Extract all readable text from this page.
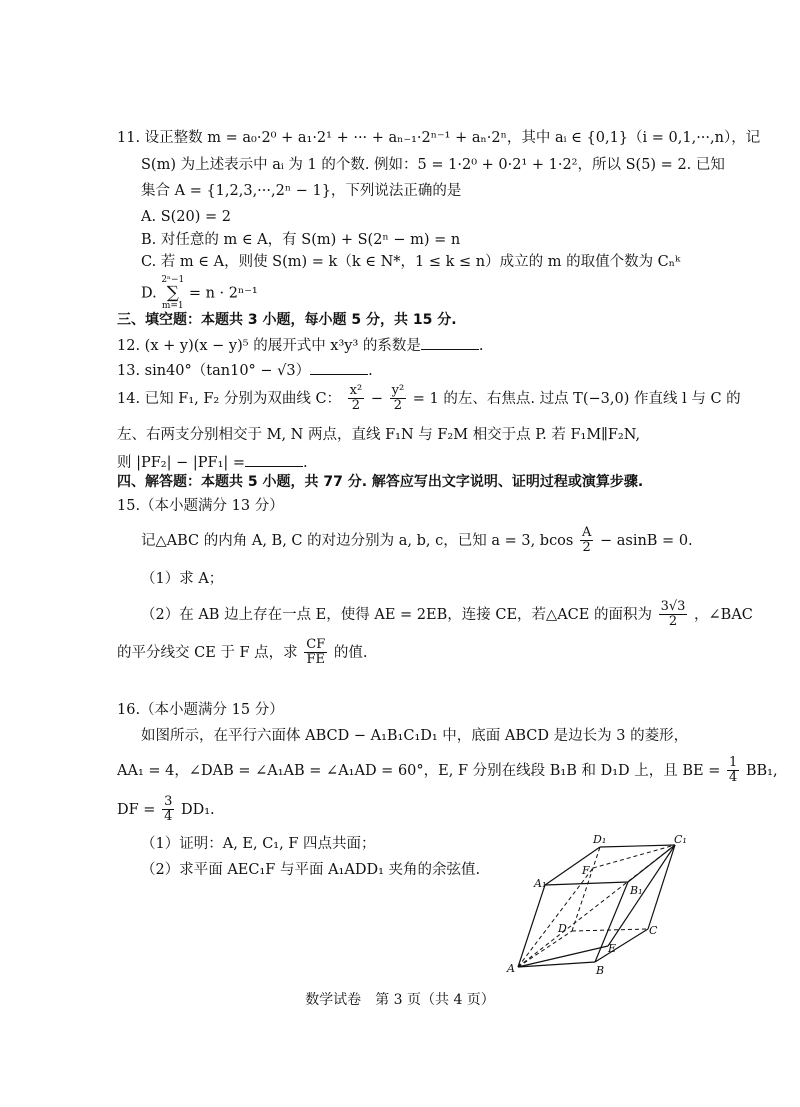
11. 设正整数 m = a₀·2⁰ + a₁·2¹ + ··· + aₙ₋₁·2ⁿ⁻¹ + aₙ·2ⁿ，其中 aᵢ ∈ {0,1}（i = 0,1,···,n），记
S(m) 为上述表示中 aᵢ 为 1 的个数. 例如：5 = 1·2⁰ + 0·2¹ + 1·2²，所以 S(5) = 2. 已知
集合 A = {1,2,3,···,2ⁿ − 1}，下列说法正确的是
A. S(20) = 2
B. 对任意的 m ∈ A，有 S(m) + S(2ⁿ − m) = n
C. 若 m ∈ A，则使 S(m) = k（k ∈ N*，1 ≤ k ≤ n）成立的 m 的取值个数为 Cₙᵏ
D.
2ⁿ−1
∑
m=1
= n · 2ⁿ⁻¹
三、填空题：本题共 3 小题，每小题 5 分，共 15 分.
12. (x + y)(x − y)⁵ 的展开式中 x³y³ 的系数是	.
13. sin40°（tan10° − √3）	.
14. 已知 F₁, F₂ 分别为双曲线 C： $\frac{\text{x²}}{2} - \frac{\text{y²}}{2} = 1$ 的左、右焦点. 过点 T(−3,0) 作直线 l 与 C 的
左、右两支分别相交于 M, N 两点，直线 F₁N 与 F₂M 相交于点 P. 若 F₁M∥F₂N,
则 |PF₂| − |PF₁| =	.
四、解答题：本题共 5 小题，共 77 分. 解答应写出文字说明、证明过程或演算步骤.
15.（本小题满分 13 分）
记△ABC 的内角 A, B, C 的对边分别为 a, b, c，已知 a = 3, bcos $\frac{A}{2} - asinB = 0$.
（1）求 A；
（2）在 AB 边上存在一点 E，使得 AE = 2EB，连接 CE，若△ACE 的面积为 $\frac{3√3}{2}$ ，∠BAC
的平分线交 CE 于 F 点，求 $\frac{CF}{FE}$ 的值.
16.（本小题满分 15 分）
如图所示，在平行六面体 ABCD − A₁B₁C₁D₁ 中，底面 ABCD 是边长为 3 的菱形，
AA₁ = 4，∠DAB = ∠A₁AB = ∠A₁AD = 60°，E, F 分别在线段 B₁B 和 D₁D 上，且 BE = $\frac{1}{4} BB_1$,
DF = $\frac{3}{4} DD_1$.
（1）证明：A, E, C₁, F 四点共面；
（2）求平面 AEC₁F 与平面 A₁ADD₁ 夹角的余弦值.
D₁	C₁
A₁
B₁
F
D
E
C
A	B
数学试卷　第 3 页（共 4 页）
